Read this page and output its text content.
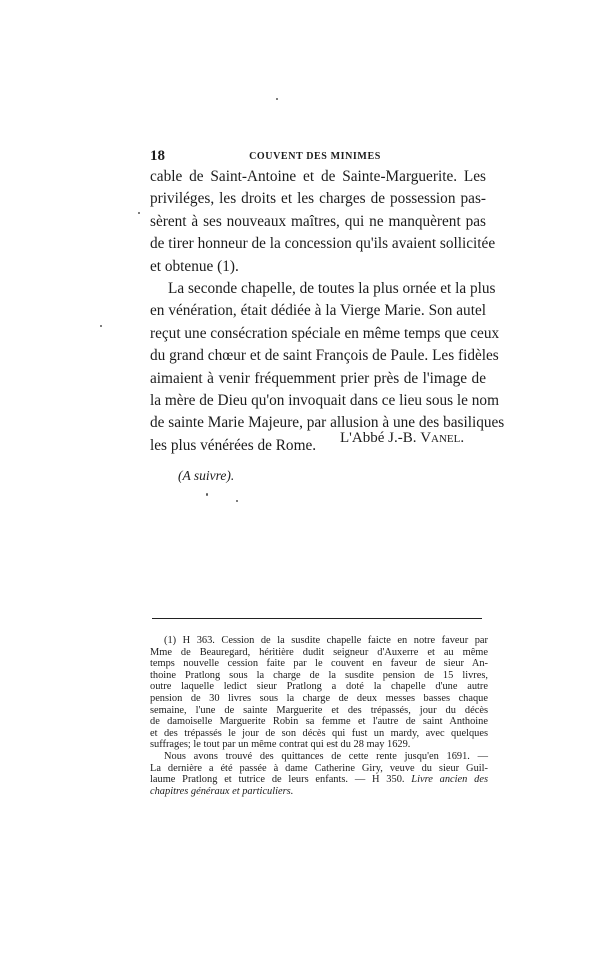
18	COUVENT DES MINIMES

cable de Saint-Antoine et de Sainte-Marguerite. Les
priviléges, les droits et les charges de possession pas-
sèrent à ses nouveaux maîtres, qui ne manquèrent pas
de tirer honneur de la concession qu'ils avaient sollicitée
et obtenue (1).

La seconde chapelle, de toutes la plus ornée et la plus
en vénération, était dédiée à la Vierge Marie. Son autel
reçut une consécration spéciale en même temps que ceux
du grand chœur et de saint François de Paule. Les fidèles
aimaient à venir fréquemment prier près de l'image de
la mère de Dieu qu'on invoquait dans ce lieu sous le nom
de sainte Marie Majeure, par allusion à une des basiliques
les plus vénérées de Rome.	L'Abbé J.-B. Vanel.
(A suivre).
(1) H 363. Cession de la susdite chapelle faicte en notre faveur par
Mme de Beauregard, héritière dudit seigneur d'Auxerre et au même
temps nouvelle cession faite par le couvent en faveur de sieur An-
thoine Pratlong sous la charge de la susdite pension de 15 livres,
outre laquelle ledict sieur Pratlong a doté la chapelle d'une autre
pension de 30 livres sous la charge de deux messes basses chaque
semaine, l'une de sainte Marguerite et des trépassés, jour du décès
de damoiselle Marguerite Robin sa femme et l'autre de saint Anthoine
et des trépassés le jour de son décès qui fust un mardy, avec quelques
suffrages; le tout par un même contrat qui est du 28 may 1629.
Nous avons trouvé des quittances de cette rente jusqu'en 1691. —
La dernière a été passée à dame Catherine Giry, veuve du sieur Guil-
laume Pratlong et tutrice de leurs enfants. — H 350. Livre ancien des
chapitres généraux et particuliers.
